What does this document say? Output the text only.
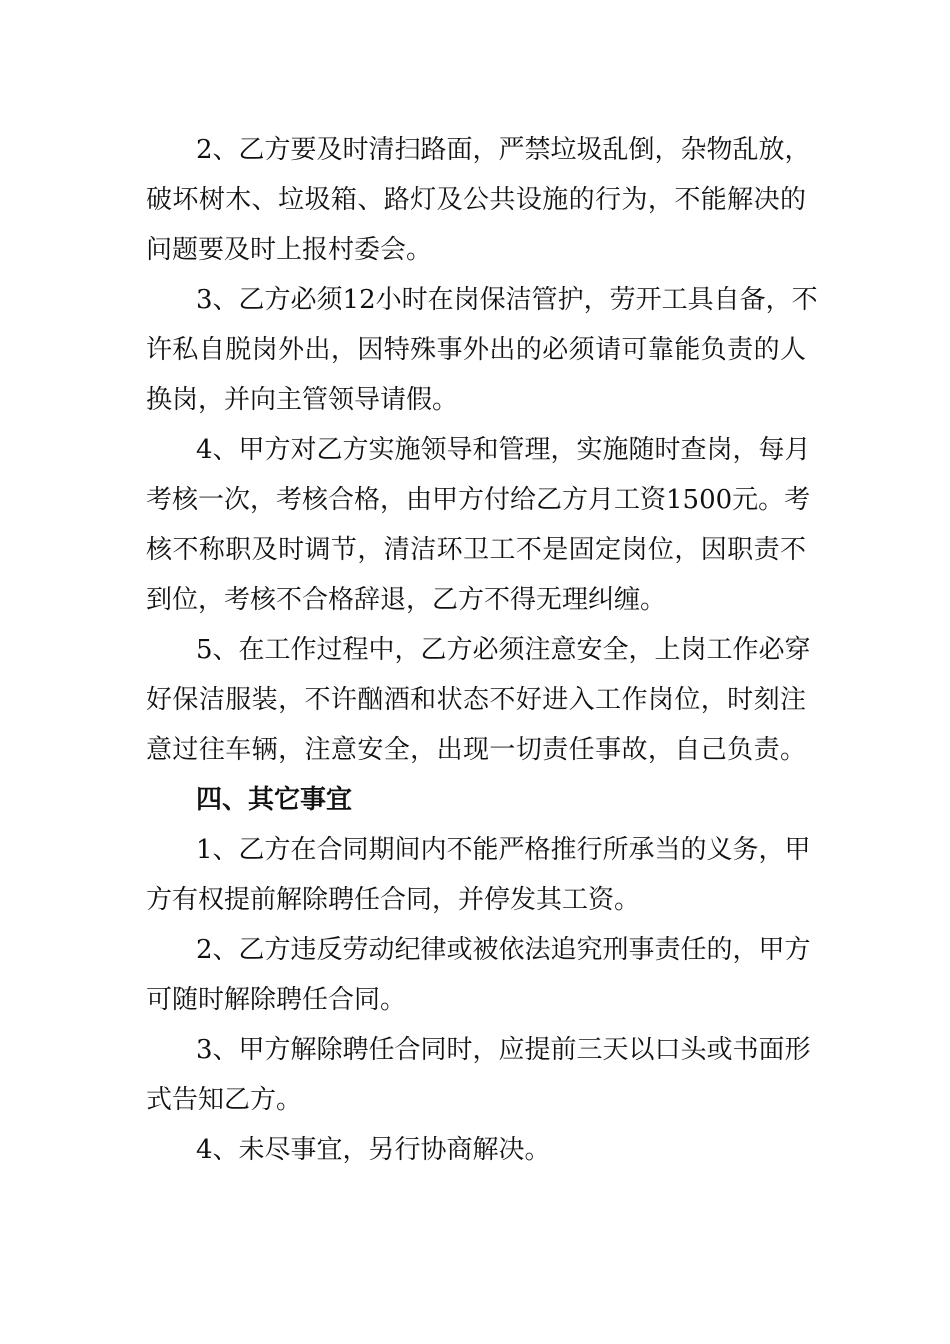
2、乙方要及时清扫路面，严禁垃圾乱倒，杂物乱放，
破坏树木、垃圾箱、路灯及公共设施的行为，不能解决的
问题要及时上报村委会。
3、乙方必须12小时在岗保洁管护，劳开工具自备，不
许私自脱岗外出，因特殊事外出的必须请可靠能负责的人
换岗，并向主管领导请假。
4、甲方对乙方实施领导和管理，实施随时查岗，每月
考核一次，考核合格，由甲方付给乙方月工资1500元。考
核不称职及时调节，清洁环卫工不是固定岗位，因职责不
到位，考核不合格辞退，乙方不得无理纠缠。
5、在工作过程中，乙方必须注意安全，上岗工作必穿
好保洁服装，不许酗酒和状态不好进入工作岗位，时刻注
意过往车辆，注意安全，出现一切责任事故，自己负责。
四、其它事宜
1、乙方在合同期间内不能严格推行所承当的义务，甲
方有权提前解除聘任合同，并停发其工资。
2、乙方违反劳动纪律或被依法追究刑事责任的，甲方
可随时解除聘任合同。
3、甲方解除聘任合同时，应提前三天以口头或书面形
式告知乙方。
4、未尽事宜，另行协商解决。
